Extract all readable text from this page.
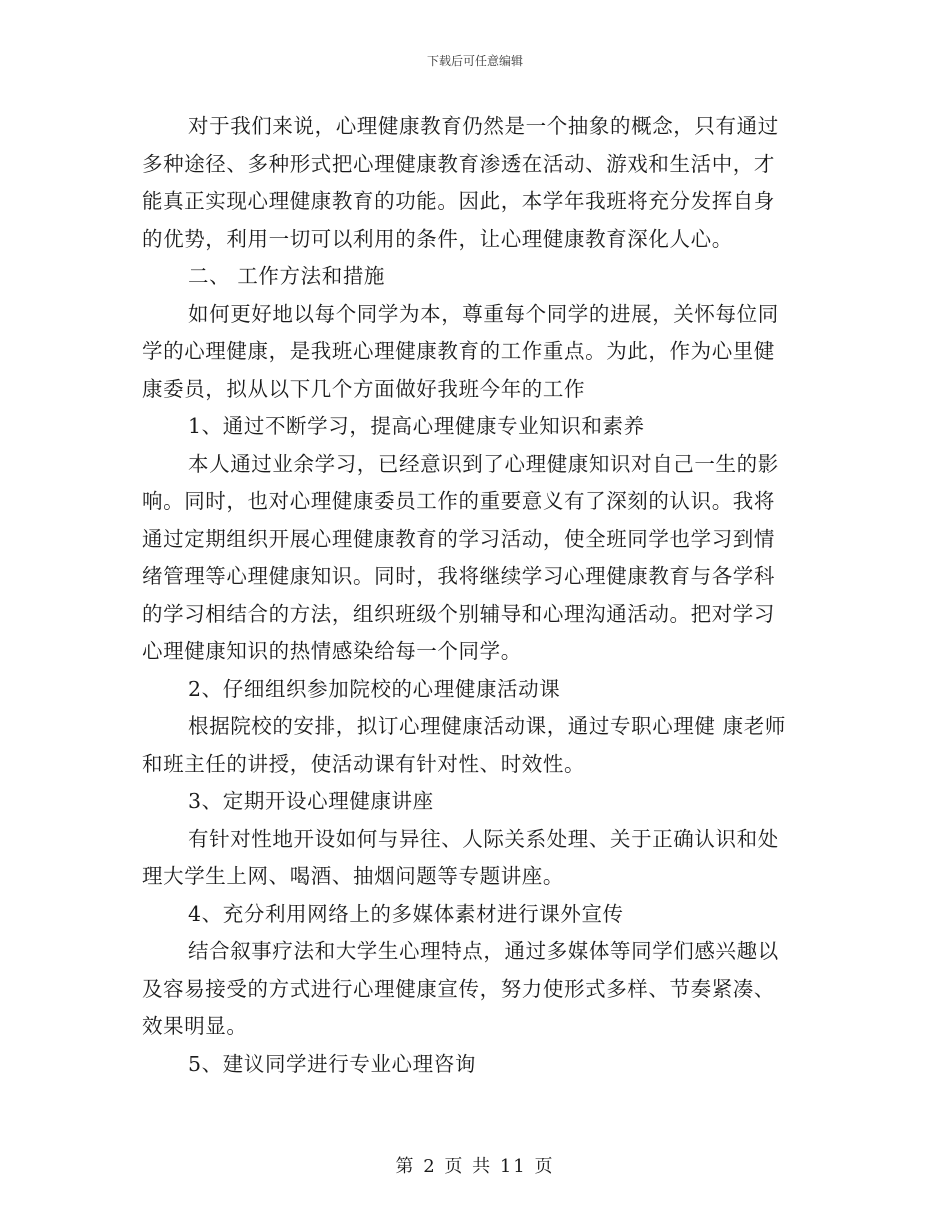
下载后可任意编辑
对于我们来说，心理健康教育仍然是一个抽象的概念，只有通过
多种途径、多种形式把心理健康教育渗透在活动、游戏和生活中，才
能真正实现心理健康教育的功能。因此，本学年我班将充分发挥自身
的优势，利用一切可以利用的条件，让心理健康教育深化人心。
二、 工作方法和措施
如何更好地以每个同学为本，尊重每个同学的进展，关怀每位同
学的心理健康，是我班心理健康教育的工作重点。为此，作为心里健
康委员，拟从以下几个方面做好我班今年的工作
1、通过不断学习，提高心理健康专业知识和素养
本人通过业余学习，已经意识到了心理健康知识对自己一生的影
响。同时，也对心理健康委员工作的重要意义有了深刻的认识。我将
通过定期组织开展心理健康教育的学习活动，使全班同学也学习到情
绪管理等心理健康知识。同时，我将继续学习心理健康教育与各学科
的学习相结合的方法，组织班级个别辅导和心理沟通活动。把对学习
心理健康知识的热情感染给每一个同学。
2、仔细组织参加院校的心理健康活动课
根据院校的安排，拟订心理健康活动课，通过专职心理健 康老师
和班主任的讲授，使活动课有针对性、时效性。
3、定期开设心理健康讲座
有针对性地开设如何与异往、人际关系处理、关于正确认识和处
理大学生上网、喝酒、抽烟问题等专题讲座。
4、充分利用网络上的多媒体素材进行课外宣传
结合叙事疗法和大学生心理特点，通过多媒体等同学们感兴趣以
及容易接受的方式进行心理健康宣传，努力使形式多样、节奏紧凑、
效果明显。
5、建议同学进行专业心理咨询
第 2 页 共 11 页
